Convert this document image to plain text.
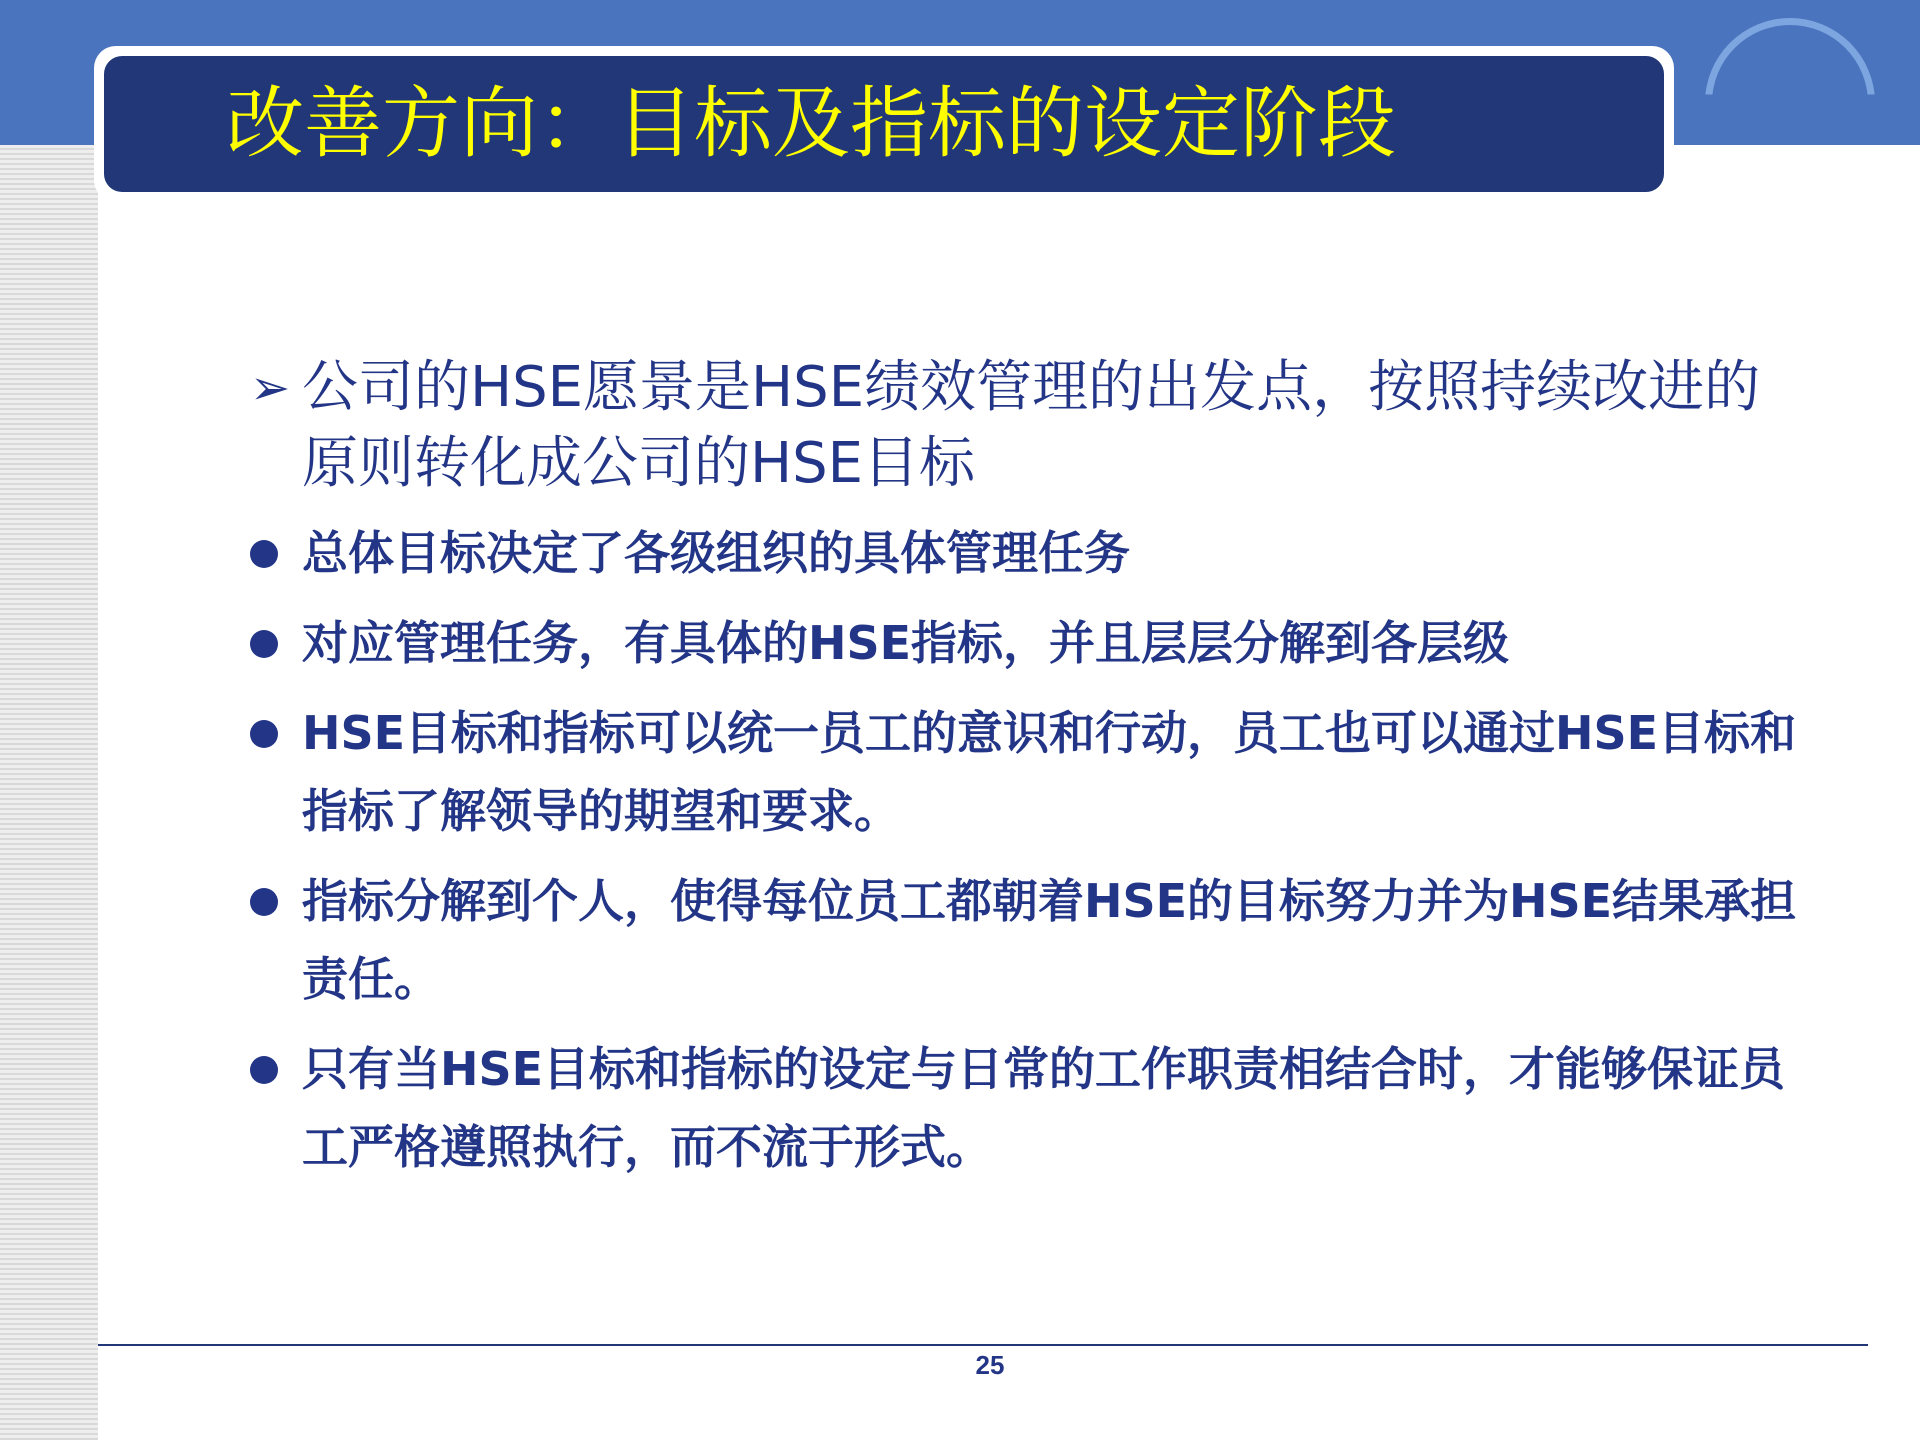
改善方向：目标及指标的设定阶段
➢ 公司的HSE愿景是HSE绩效管理的出发点，按照持续改进的原则转化成公司的HSE目标
总体目标决定了各级组织的具体管理任务
对应管理任务，有具体的HSE指标，并且层层分解到各层级
HSE目标和指标可以统一员工的意识和行动，员工也可以通过HSE目标和指标了解领导的期望和要求。
指标分解到个人，使得每位员工都朝着HSE的目标努力并为HSE结果承担责任。
只有当HSE目标和指标的设定与日常的工作职责相结合时，才能够保证员工严格遵照执行，而不流于形式。
25
